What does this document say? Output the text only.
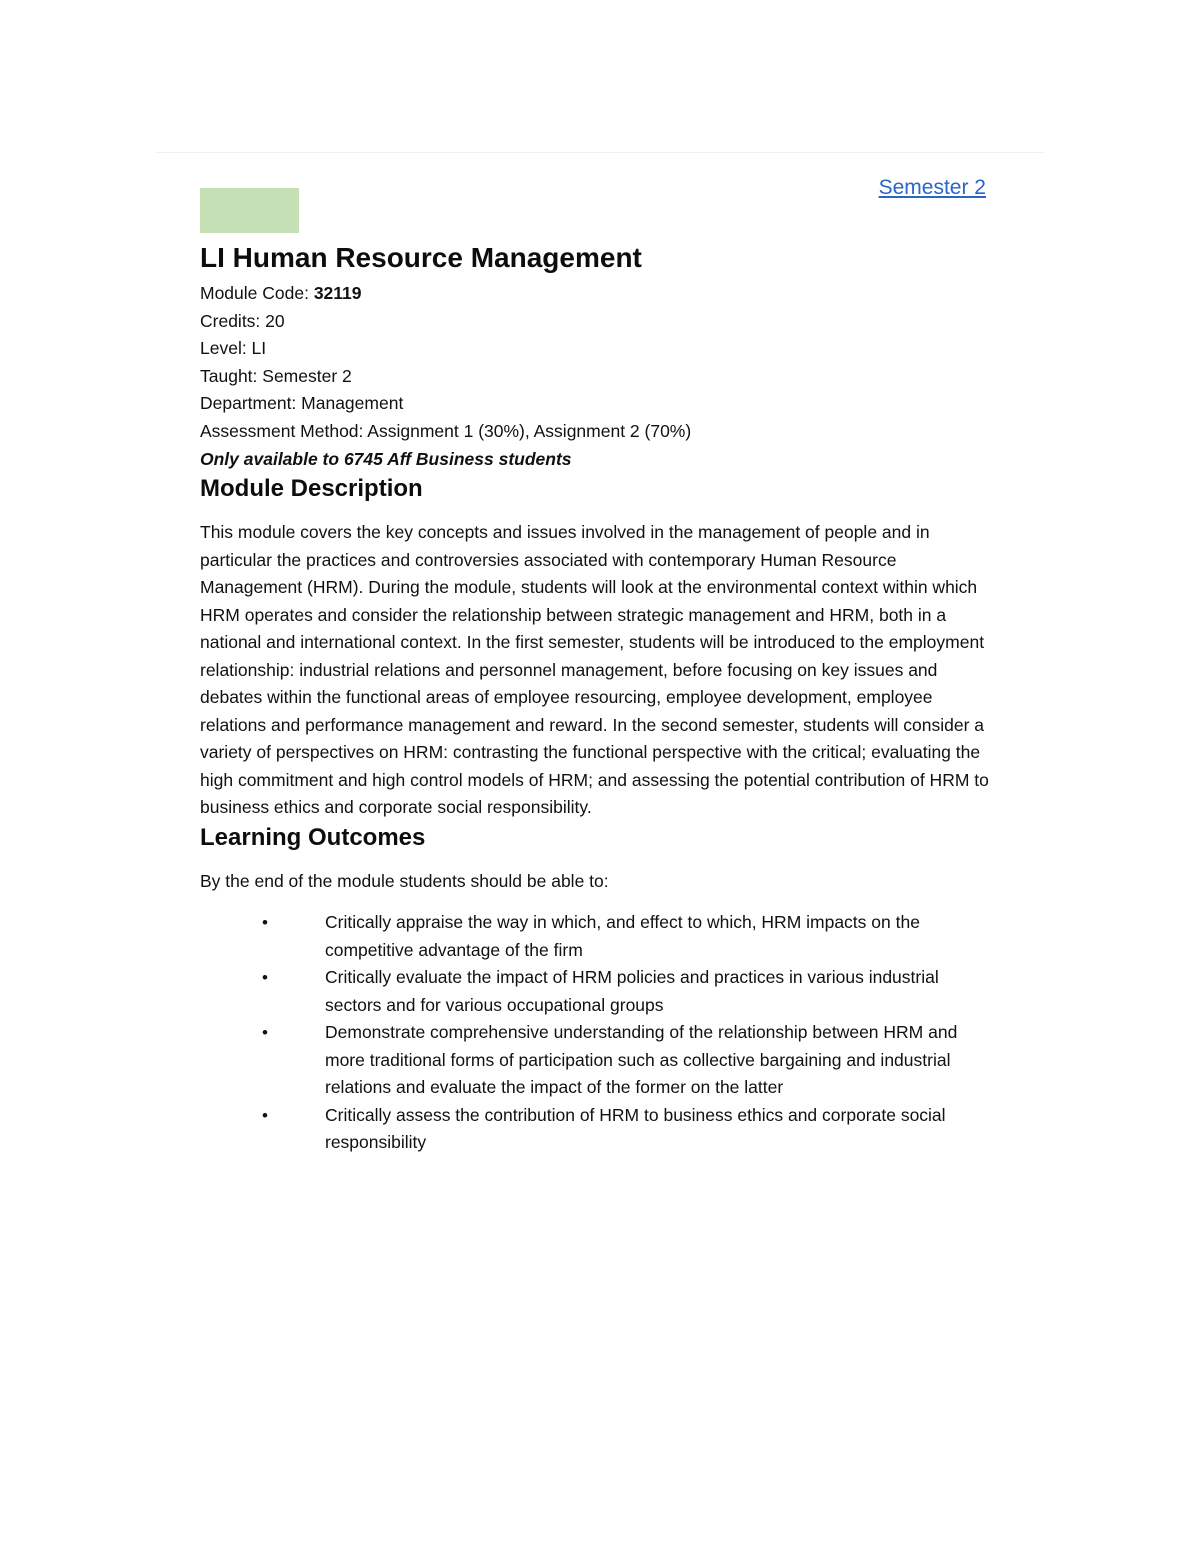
Semester 2
LI Human Resource Management
Module Code: 32119
Credits: 20
Level: LI
Taught: Semester 2
Department: Management
Assessment Method: Assignment 1 (30%), Assignment 2 (70%)
Only available to 6745 Aff Business students
Module Description

This module covers the key concepts and issues involved in the management of people and in particular the practices and controversies associated with contemporary Human Resource Management (HRM). During the module, students will look at the environmental context within which HRM operates and consider the relationship between strategic management and HRM, both in a national and international context. In the first semester, students will be introduced to the employment relationship: industrial relations and personnel management, before focusing on key issues and debates within the functional areas of employee resourcing, employee development, employee relations and performance management and reward. In the second semester, students will consider a variety of perspectives on HRM: contrasting the functional perspective with the critical; evaluating the high commitment and high control models of HRM; and assessing the potential contribution of HRM to business ethics and corporate social responsibility.

Learning Outcomes

By the end of the module students should be able to:

•	Critically appraise the way in which, and effect to which, HRM impacts on the competitive advantage of the firm
•	Critically evaluate the impact of HRM policies and practices in various industrial sectors and for various occupational groups
•	Demonstrate comprehensive understanding of the relationship between HRM and more traditional forms of participation such as collective bargaining and industrial relations and evaluate the impact of the former on the latter
•	Critically assess the contribution of HRM to business ethics and corporate social responsibility
